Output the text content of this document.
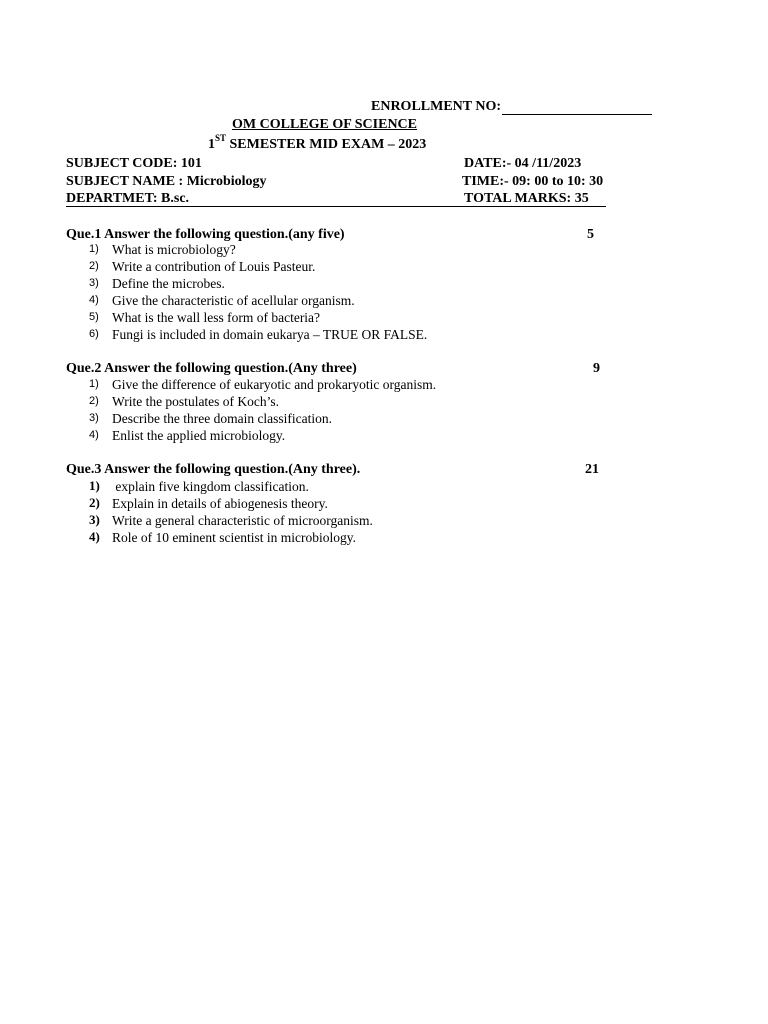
ENROLLMENT NO:
OM COLLEGE OF SCIENCE
1ST SEMESTER MID EXAM – 2023
SUBJECT CODE: 101	DATE:- 04 /11/2023
SUBJECT NAME : Microbiology	TIME:- 09: 00 to 10: 30
DEPARTMET: B.sc.	TOTAL MARKS: 35
Que.1 Answer the following question.(any five)	5
1) What is microbiology?
2) Write a contribution of Louis Pasteur.
3) Define the microbes.
4) Give the characteristic of acellular organism.
5) What is the wall less form of bacteria?
6) Fungi is included in domain eukarya – TRUE OR FALSE.
Que.2 Answer the following question.(Any three)	9
1) Give the difference of eukaryotic and prokaryotic organism.
2) Write the postulates of Koch’s.
3) Describe the three domain classification.
4) Enlist the applied microbiology.
Que.3 Answer the following question.(Any three).	21
1) explain five kingdom classification.
2) Explain in details of abiogenesis theory.
3) Write a general characteristic of microorganism.
4) Role of 10 eminent scientist in microbiology.
